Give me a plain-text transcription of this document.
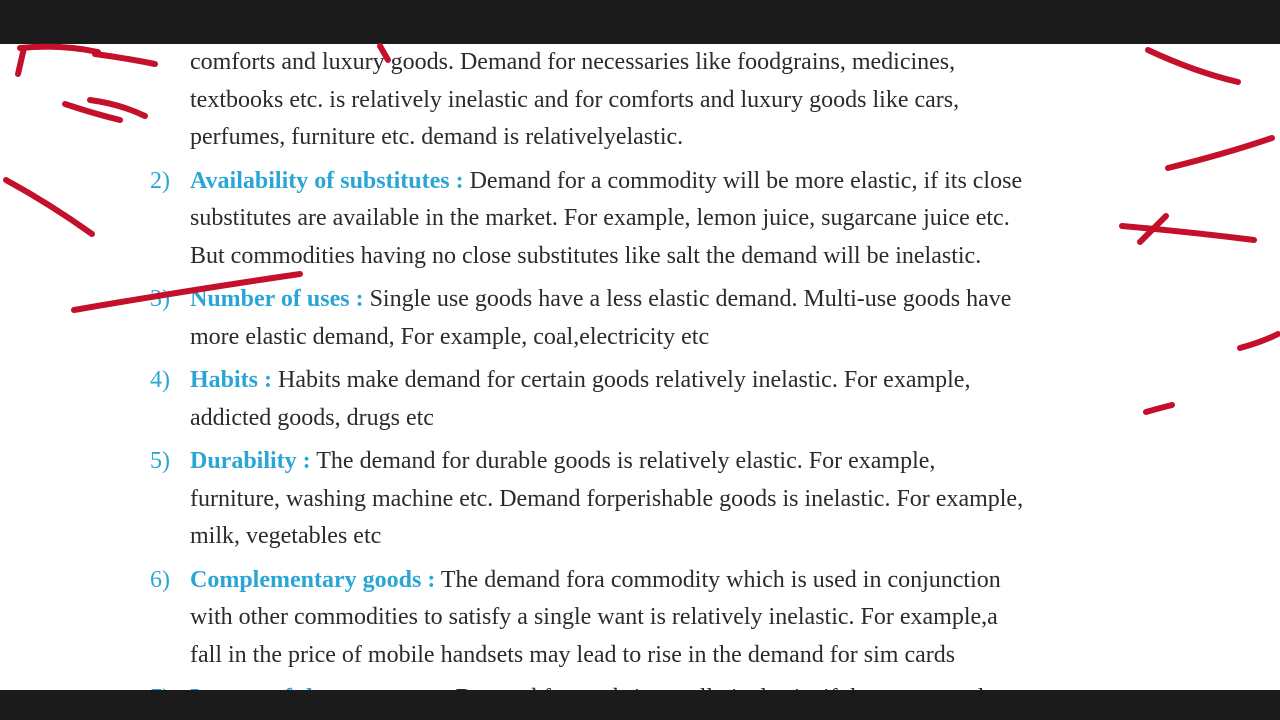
comforts and luxury goods. Demand for necessaries like foodgrains, medicines,

textbooks etc. is relatively inelastic and for comforts and luxury goods like cars,

perfumes, furniture etc. demand is relativelyelastic.

2) Availability of substitutes : Demand for a commodity will be more elastic, if its close

substitutes are available in the market. For example, lemon juice, sugarcane juice etc.

But commodities having no close substitutes like salt the demand will be inelastic.

3) Number of uses : Single use goods have a less elastic demand. Multi-use goods have

more elastic demand, For example, coal,electricity etc

4) Habits : Habits make demand for certain goods relatively inelastic. For example,

addicted goods, drugs etc

5) Durability : The demand for durable goods is relatively elastic. For example,

furniture, washing machine etc. Demand forperishable goods is inelastic. For example,

milk, vegetables etc

6) Complementary goods : The demand fora commodity which is used in conjunction

with other commodities to satisfy a single want is relatively inelastic. For example,a

fall in the price of mobile handsets may lead to rise in the demand for sim cards
